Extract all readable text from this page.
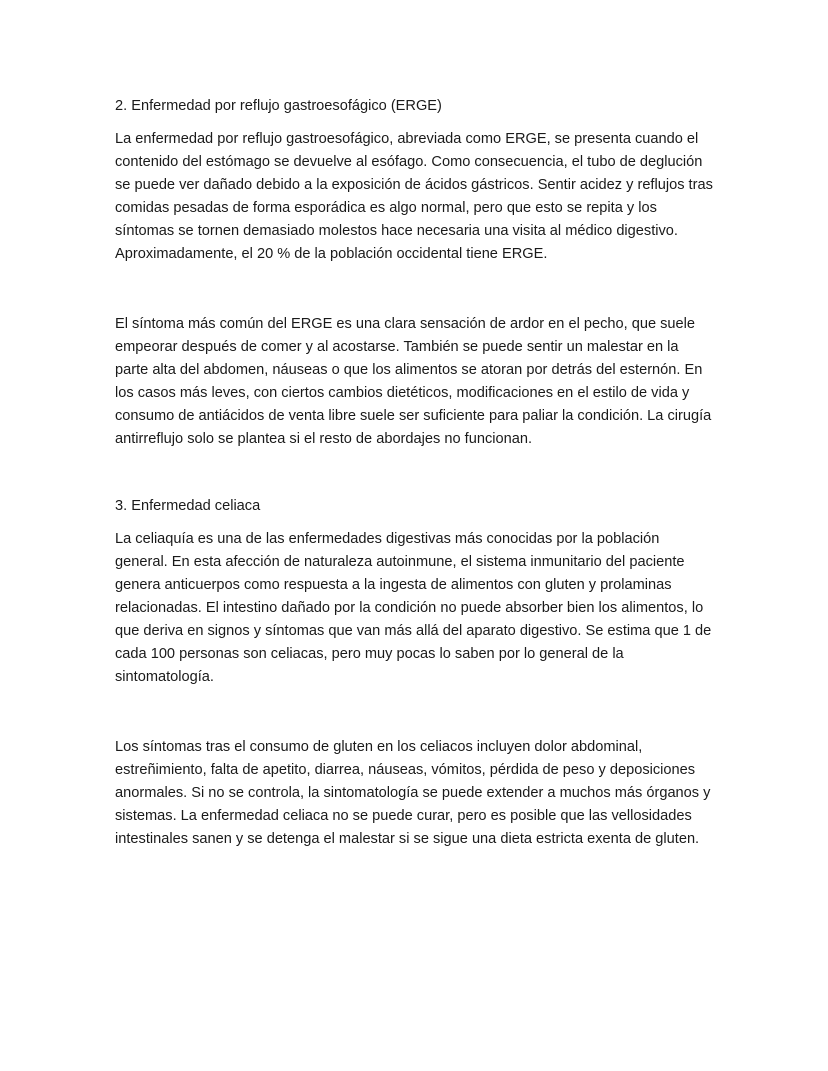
2. Enfermedad por reflujo gastroesofágico (ERGE)

La enfermedad por reflujo gastroesofágico, abreviada como ERGE, se presenta cuando el contenido del estómago se devuelve al esófago. Como consecuencia, el tubo de deglución se puede ver dañado debido a la exposición de ácidos gástricos. Sentir acidez y reflujos tras comidas pesadas de forma esporádica es algo normal, pero que esto se repita y los síntomas se tornen demasiado molestos hace necesaria una visita al médico digestivo. Aproximadamente, el 20 % de la población occidental tiene ERGE.

El síntoma más común del ERGE es una clara sensación de ardor en el pecho, que suele empeorar después de comer y al acostarse. También se puede sentir un malestar en la parte alta del abdomen, náuseas o que los alimentos se atoran por detrás del esternón. En los casos más leves, con ciertos cambios dietéticos, modificaciones en el estilo de vida y consumo de antiácidos de venta libre suele ser suficiente para paliar la condición. La cirugía antirreflujo solo se plantea si el resto de abordajes no funcionan.

3. Enfermedad celiaca

La celiaquía es una de las enfermedades digestivas más conocidas por la población general. En esta afección de naturaleza autoinmune, el sistema inmunitario del paciente genera anticuerpos como respuesta a la ingesta de alimentos con gluten y prolaminas relacionadas. El intestino dañado por la condición no puede absorber bien los alimentos, lo que deriva en signos y síntomas que van más allá del aparato digestivo. Se estima que 1 de cada 100 personas son celiacas, pero muy pocas lo saben por lo general de la sintomatología.

Los síntomas tras el consumo de gluten en los celiacos incluyen dolor abdominal, estreñimiento, falta de apetito, diarrea, náuseas, vómitos, pérdida de peso y deposiciones anormales. Si no se controla, la sintomatología se puede extender a muchos más órganos y sistemas. La enfermedad celiaca no se puede curar, pero es posible que las vellosidades intestinales sanen y se detenga el malestar si se sigue una dieta estricta exenta de gluten.
